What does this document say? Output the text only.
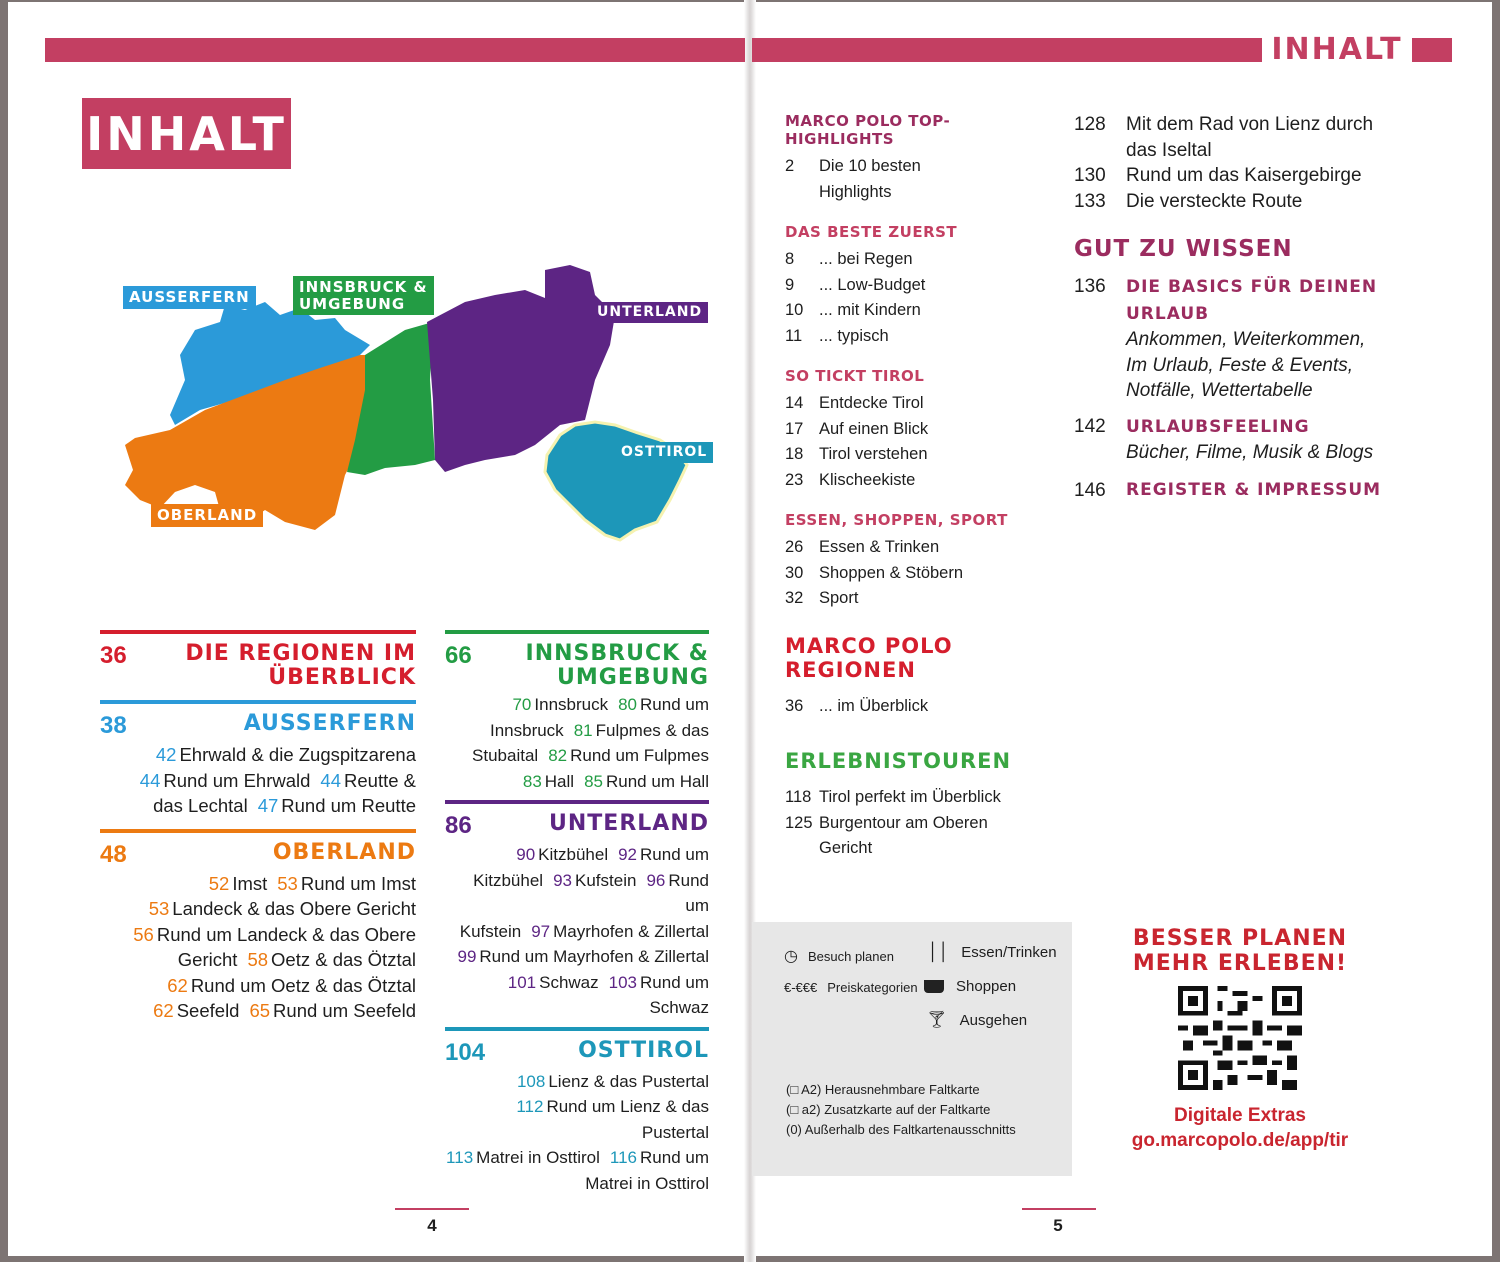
INHALT
INHALT
AUSSERFERN
INNSBRUCK &
UMGEBUNG	UNTERLAND
OSTTIROL
OBERLAND
36	DIE REGIONEN IM
ÜBERBLICK
38	AUSSERFERN
42 Ehrwald & die Zugspitzarena
44 Rund um Ehrwald 44 Reutte &
das Lechtal 47 Rund um Reutte
48	OBERLAND
52 Imst 53 Rund um Imst
53 Landeck & das Obere Gericht
56 Rund um Landeck & das Obere
Gericht 58 Oetz & das Ötztal
62 Rund um Oetz & das Ötztal
62 Seefeld 65 Rund um Seefeld
66 INNSBRUCK &
UMGEBUNG
70 Innsbruck 80 Rund um
Innsbruck 81 Fulpmes & das
Stubaital 82 Rund um Fulpmes
83 Hall 85 Rund um Hall
86	UNTERLAND
90 Kitzbühel 92 Rund um
Kitzbühel 93 Kufstein 96 Rund um
Kufstein 97 Mayrhofen & Zillertal
99 Rund um Mayrhofen & Zillertal
101 Schwaz 103 Rund um Schwaz
104	OSTTIROL
108 Lienz & das Pustertal
112 Rund um Lienz & das Pustertal
113 Matrei in Osttirol 116 Rund um
Matrei in Osttirol
4
MARCO POLO TOP-HIGHLIGHTS
2	Die 10 besten
Highlights
DAS BESTE ZUERST
8	... bei Regen
9	... Low-Budget
10 ... mit Kindern
11	... typisch
SO TICKT TIROL
14 Entdecke Tirol
17 Auf einen Blick
18 Tirol verstehen
23 Klischeekiste
ESSEN, SHOPPEN, SPORT
26 Essen & Trinken
30 Shoppen & Stöbern
32 Sport
MARCO POLO REGIONEN
36 ... im Überblick
ERLEBNISTOUREN
118 Tirol perfekt im Überblick
125 Burgentour am Oberen
Gericht
128	Mit dem Rad von Lienz durch
das Iseltal
130	Rund um das Kaisergebirge
133	Die versteckte Route
GUT ZU WISSEN
136	DIE BASICS FÜR DEINEN
URLAUB
Ankommen, Weiterkommen,
Im Urlaub, Feste & Events,
Notfälle, Wettertabelle
142	URLAUBSFEELING
Bücher, Filme, Musik & Blogs
146	REGISTER & IMPRESSUM
◷ Besuch planen
€-€€€ Preiskategorien
││ Essen/Trinken
Shoppen
🍸︎ Ausgehen
(□ A2) Herausnehmbare Faltkarte
(□ a2) Zusatzkarte auf der Faltkarte
(0) Außerhalb des Faltkartenausschnitts
BESSER PLANEN
MEHR ERLEBEN!
Digitale Extras
go.marcopolo.de/app/tir
5
